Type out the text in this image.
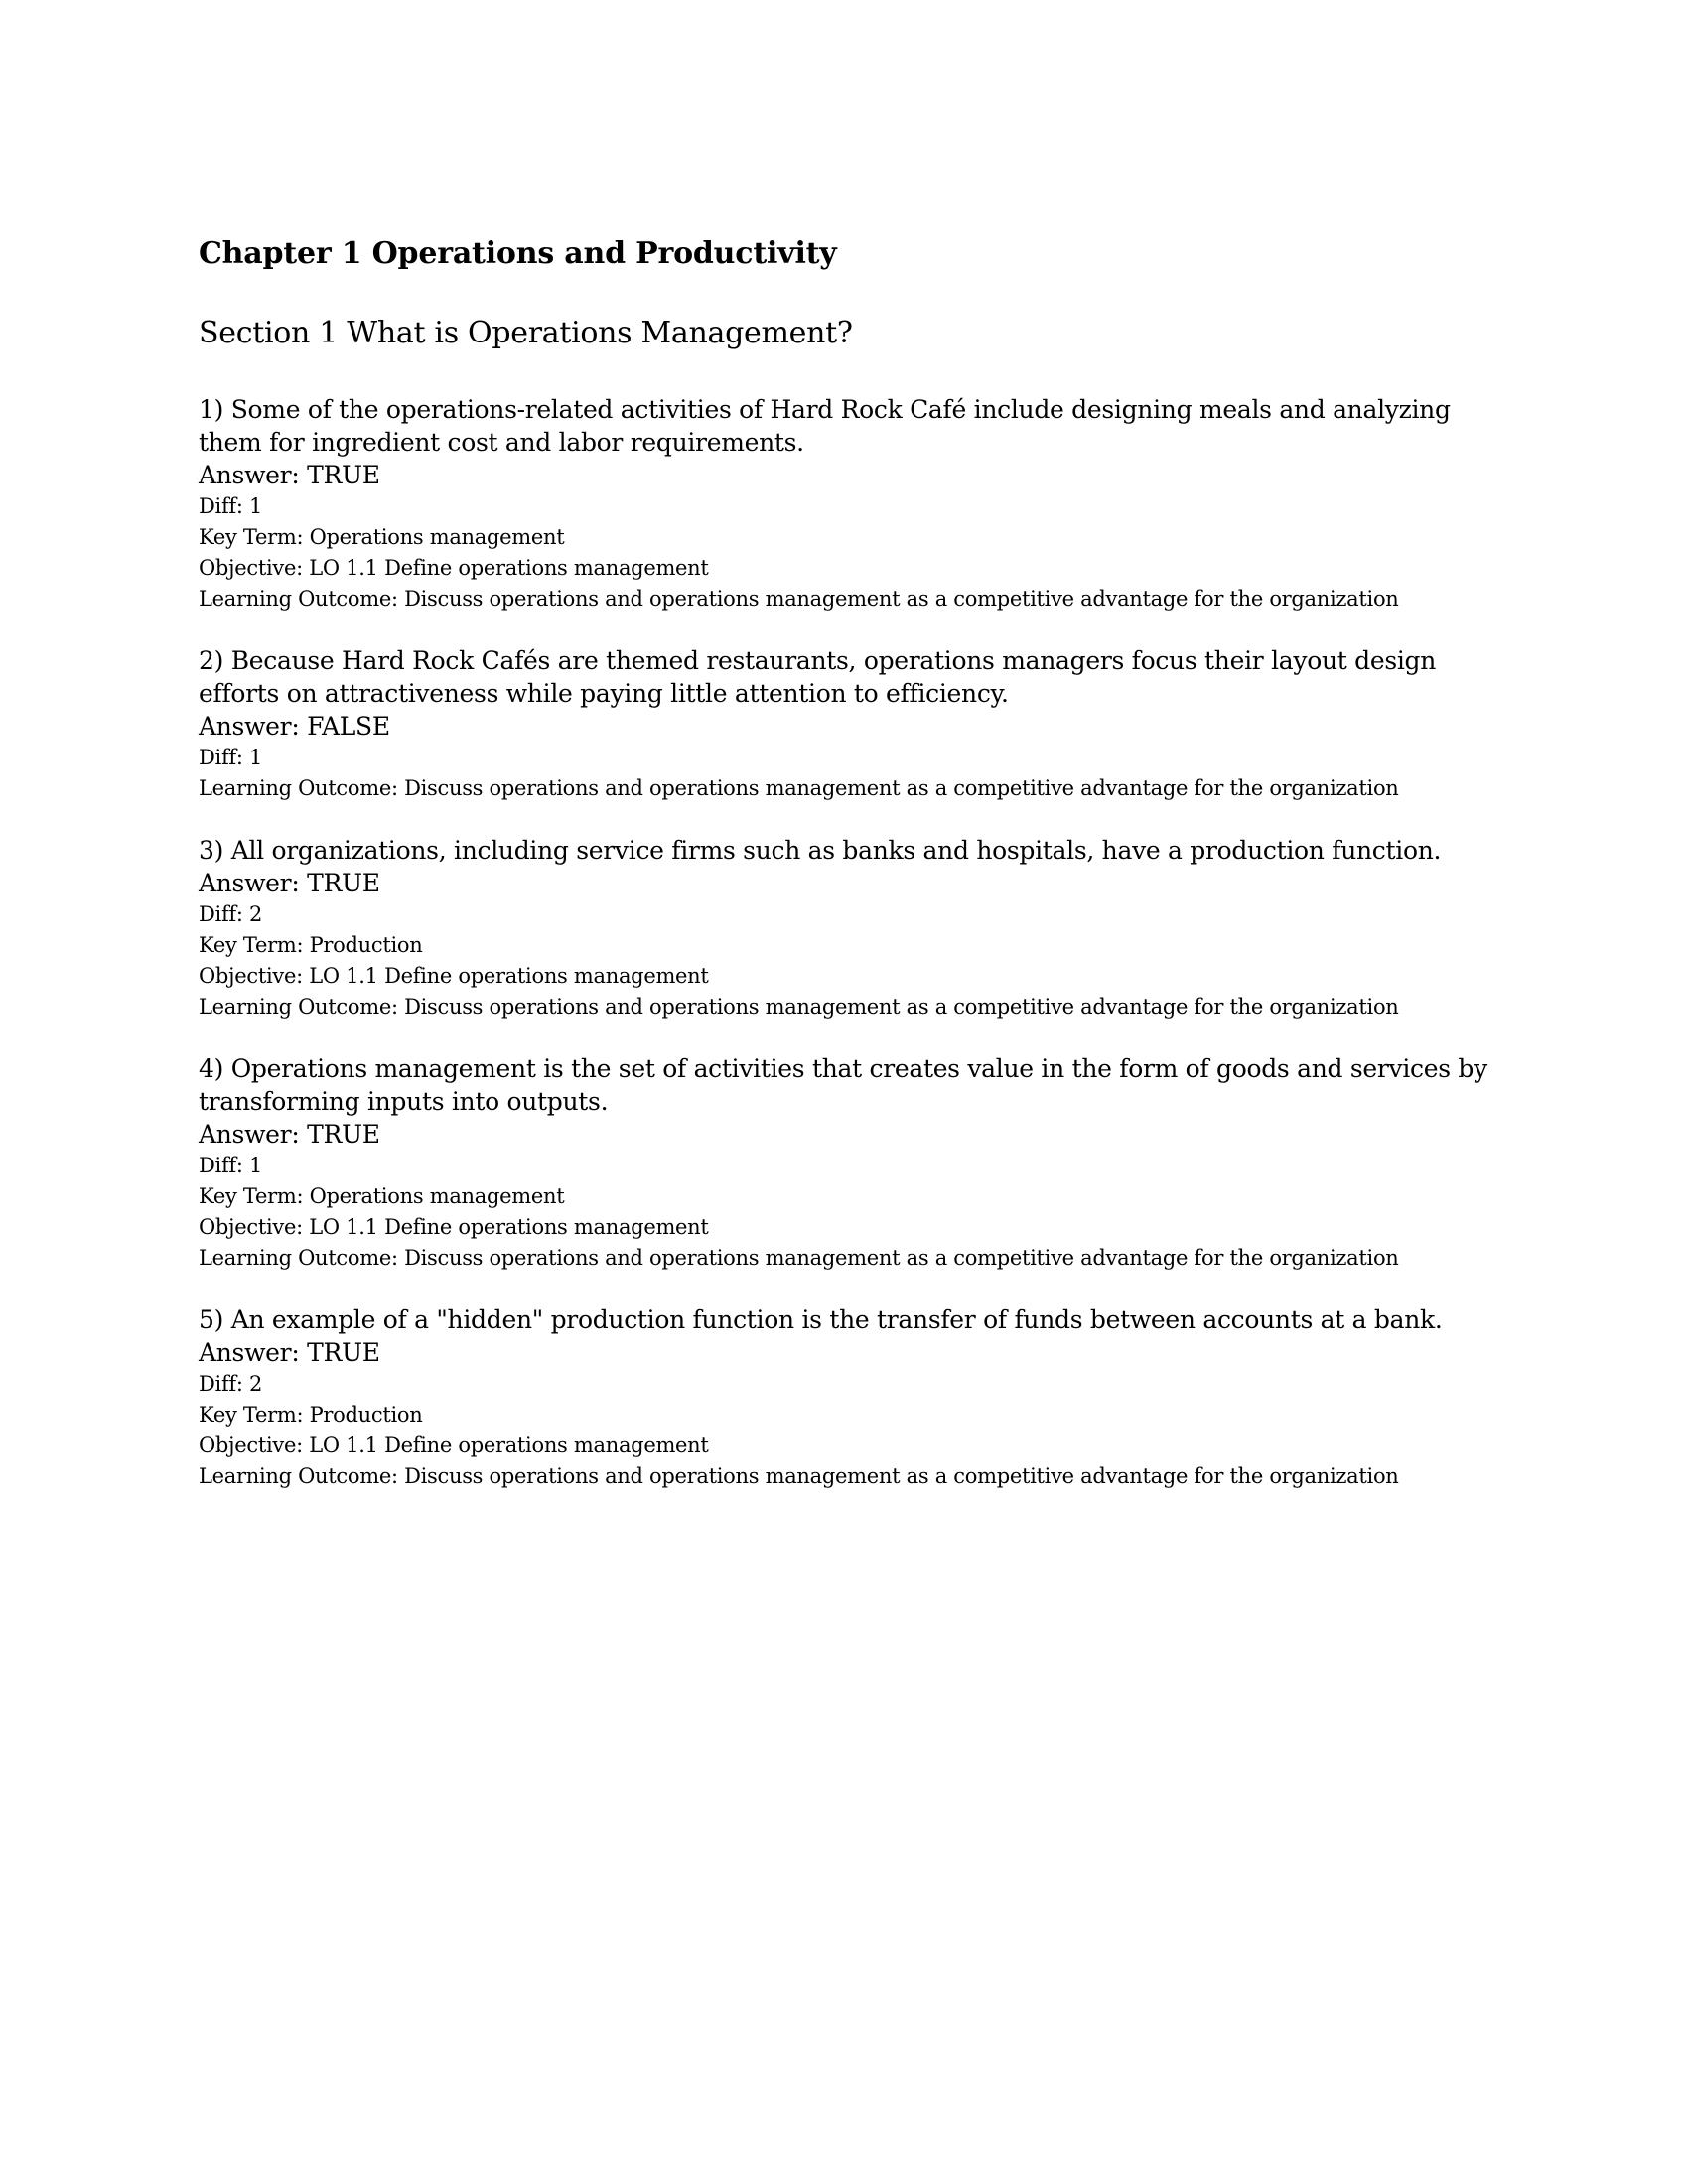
Chapter 1 Operations and Productivity
Section 1 What is Operations Management?

1) Some of the operations-related activities of Hard Rock Café include designing meals and analyzing them for ingredient cost and labor requirements.

Answer: TRUE

Diff: 1

Key Term: Operations management

Objective: LO 1.1 Define operations management

Learning Outcome: Discuss operations and operations management as a competitive advantage for the organization

2) Because Hard Rock Cafés are themed restaurants, operations managers focus their layout design efforts on attractiveness while paying little attention to efficiency.

Answer: FALSE

Diff: 1

Learning Outcome: Discuss operations and operations management as a competitive advantage for the organization

3) All organizations, including service firms such as banks and hospitals, have a production function.

Answer: TRUE

Diff: 2

Key Term: Production

Objective: LO 1.1 Define operations management

Learning Outcome: Discuss operations and operations management as a competitive advantage for the organization

4) Operations management is the set of activities that creates value in the form of goods and services by transforming inputs into outputs.

Answer: TRUE

Diff: 1

Key Term: Operations management

Objective: LO 1.1 Define operations management

Learning Outcome: Discuss operations and operations management as a competitive advantage for the organization

5) An example of a "hidden" production function is the transfer of funds between accounts at a bank.

Answer: TRUE

Diff: 2

Key Term: Production

Objective: LO 1.1 Define operations management

Learning Outcome: Discuss operations and operations management as a competitive advantage for the organization
